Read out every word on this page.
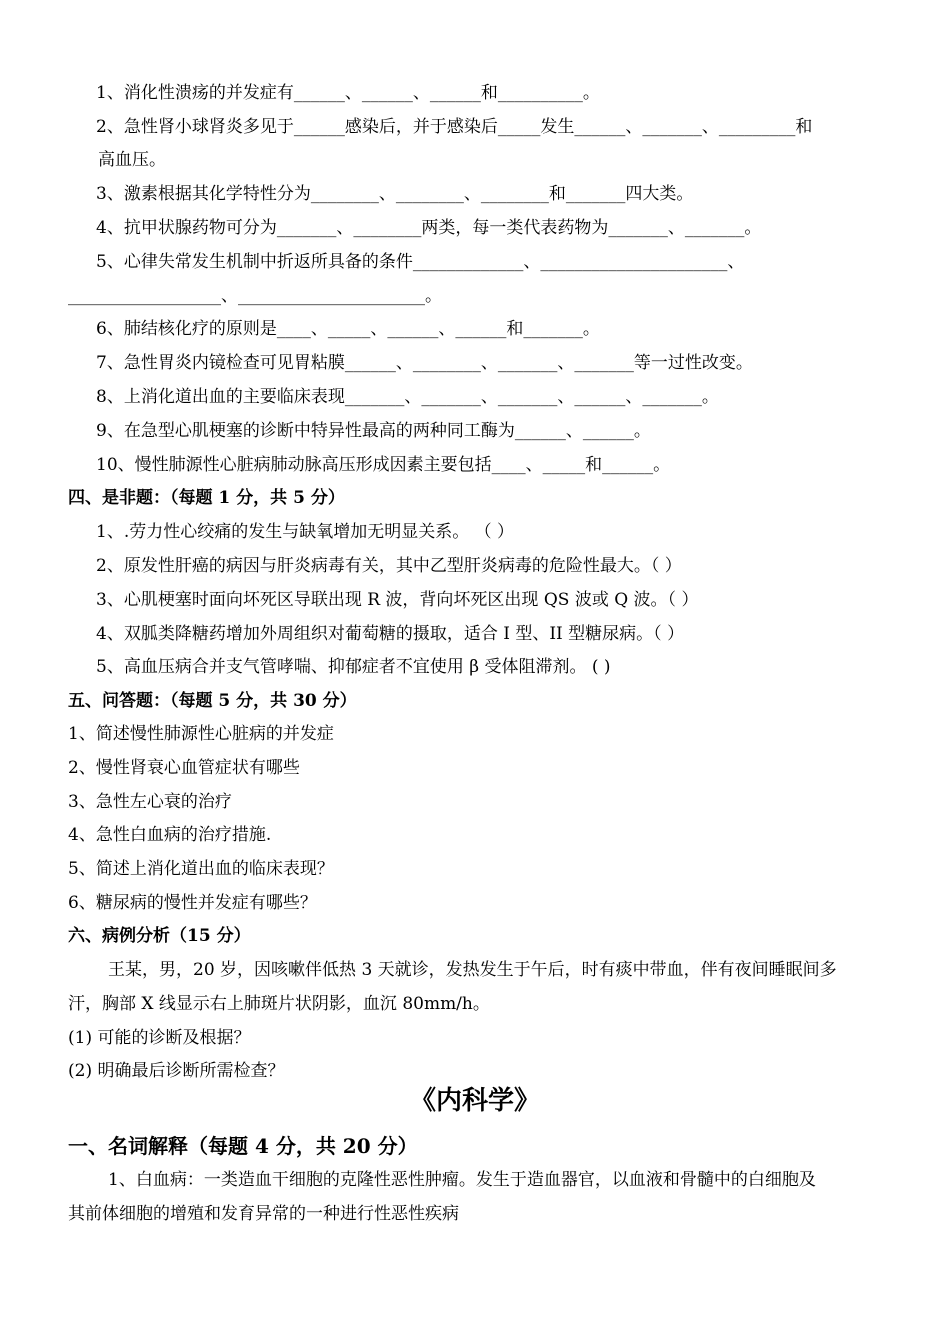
1、消化性溃疡的并发症有______、______、______和__________。
2、急性肾小球肾炎多见于______感染后，并于感染后_____发生______、_______、_________和
高血压。
3、激素根据其化学特性分为________、________、________和_______四大类。
4、抗甲状腺药物可分为_______、________两类，每一类代表药物为_______、_______。
5、心律失常发生机制中折返所具备的条件_____________、______________________、
__________________、______________________。
6、肺结核化疗的原则是____、_____、______、______和_______。
7、急性胃炎内镜检查可见胃粘膜______、________、_______、_______等一过性改变。
8、上消化道出血的主要临床表现_______、_______、_______、______、_______。
9、在急型心肌梗塞的诊断中特异性最高的两种同工酶为______、______。
10、慢性肺源性心脏病肺动脉高压形成因素主要包括____、_____和______。
四、是非题：（每题 1 分，共 5 分）
1、.劳力性心绞痛的发生与缺氧增加无明显关系。 （ ）
2、原发性肝癌的病因与肝炎病毒有关，其中乙型肝炎病毒的危险性最大。（ ）
3、心肌梗塞时面向坏死区导联出现 R 波，背向坏死区出现 QS 波或 Q 波。（ ）
4、双胍类降糖药增加外周组织对葡萄糖的摄取，适合 I 型、II 型糖尿病。（ ）
5、高血压病合并支气管哮喘、抑郁症者不宜使用 β 受体阻滞剂。 ( )
五、问答题：（每题 5 分，共 30 分）
1、简述慢性肺源性心脏病的并发症
2、慢性肾衰心血管症状有哪些
3、急性左心衰的治疗
4、急性白血病的治疗措施.
5、简述上消化道出血的临床表现？
6、糖尿病的慢性并发症有哪些？
六、病例分析（15 分）
王某，男，20 岁，因咳嗽伴低热 3 天就诊，发热发生于午后，时有痰中带血，伴有夜间睡眠间多
汗，胸部 X 线显示右上肺斑片状阴影，血沉 80mm/h。
(1) 可能的诊断及根据？
(2) 明确最后诊断所需检查？
《内科学》
一、名词解释（每题 4 分，共 20 分）
1、白血病：一类造血干细胞的克隆性恶性肿瘤。发生于造血器官，以血液和骨髓中的白细胞及
其前体细胞的增殖和发育异常的一种进行性恶性疾病
